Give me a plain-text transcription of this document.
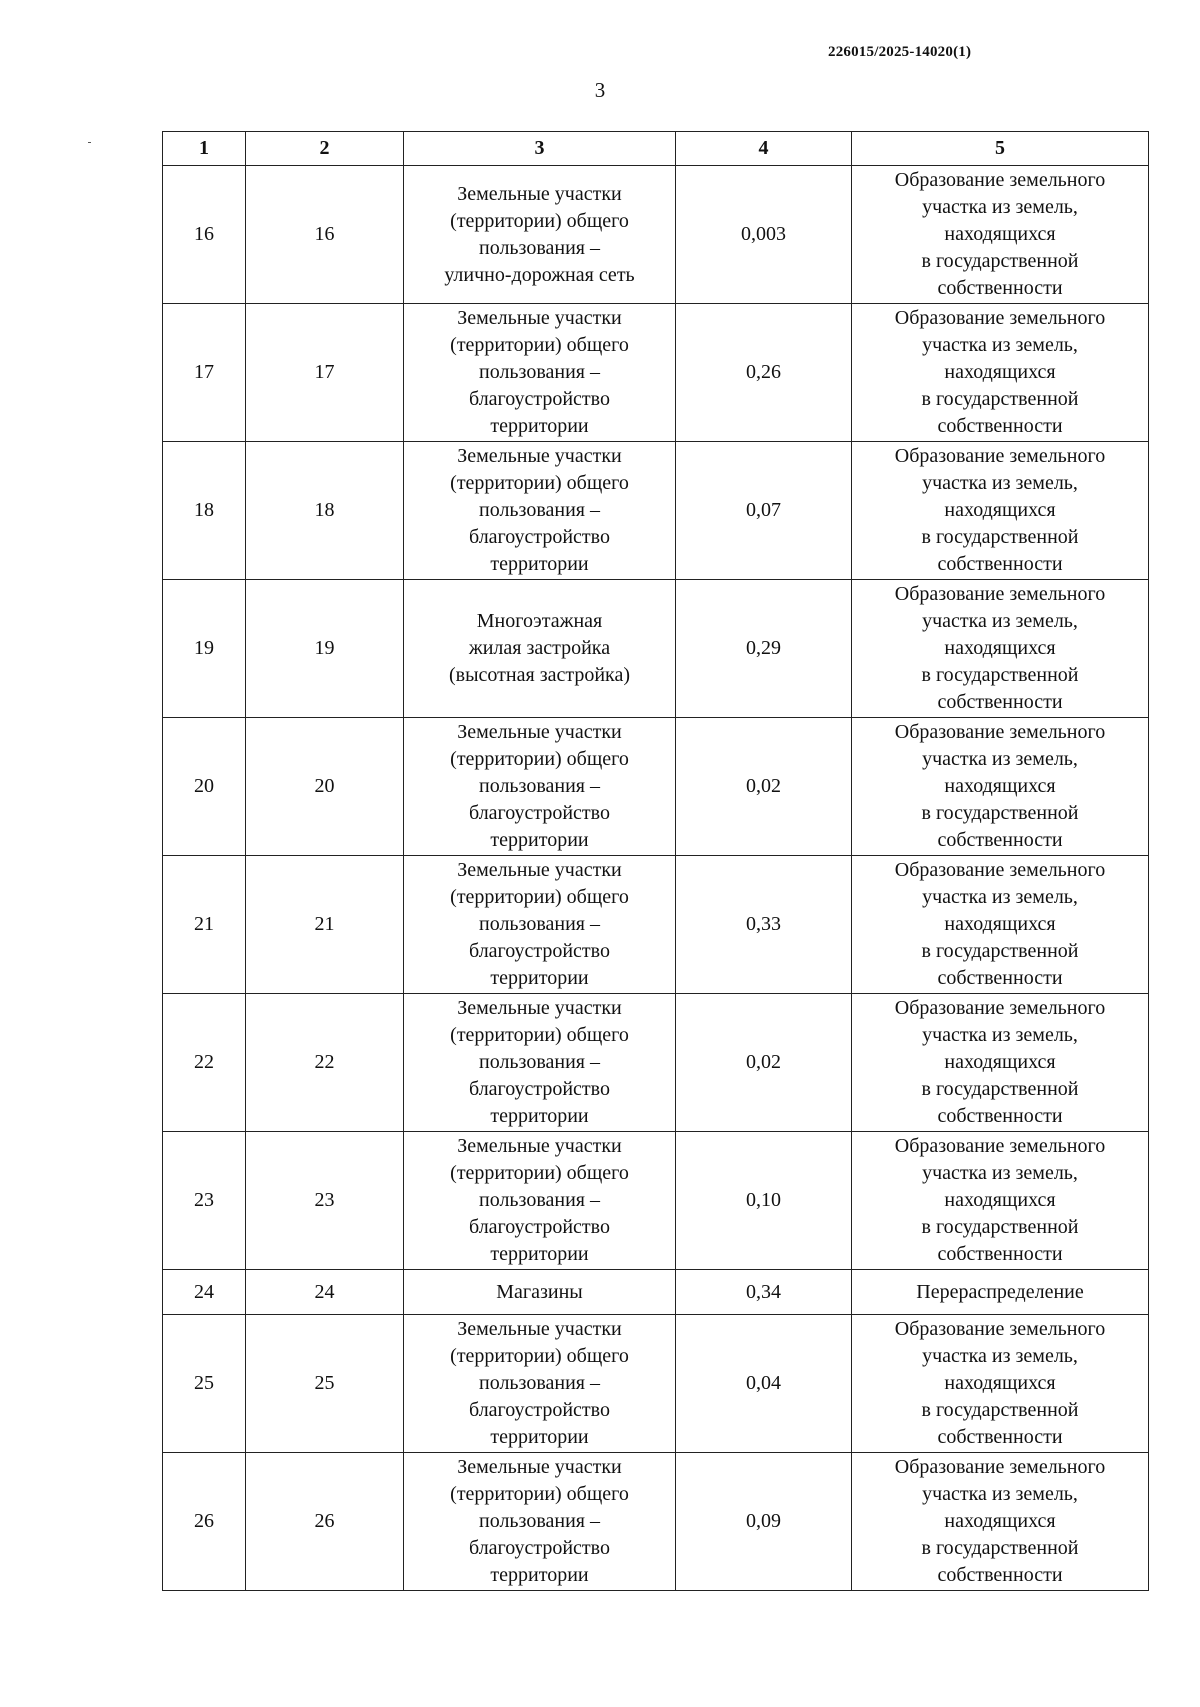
226015/2025-14020(1)
3
1	2	3	4	5
16	16	Земельные участки
(территории) общего
пользования –
улично-дорожная сеть	0,003	Образование земельного
участка из земель,
находящихся
в государственной
собственности

17	17	Земельные участки
(территории) общего
пользования –
благоустройство
территории	0,26	Образование земельного
участка из земель,
находящихся
в государственной
собственности

18	18	Земельные участки
(территории) общего
пользования –
благоустройство
территории	0,07	Образование земельного
участка из земель,
находящихся
в государственной
собственности

19	19	Многоэтажная
жилая застройка
(высотная застройка)	0,29	Образование земельного
участка из земель,
находящихся
в государственной
собственности

20	20	Земельные участки
(территории) общего
пользования –
благоустройство
территории	0,02	Образование земельного
участка из земель,
находящихся
в государственной
собственности

21	21	Земельные участки
(территории) общего
пользования –
благоустройство
территории	0,33	Образование земельного
участка из земель,
находящихся
в государственной
собственности

22	22	Земельные участки
(территории) общего
пользования –
благоустройство
территории	0,02	Образование земельного
участка из земель,
находящихся
в государственной
собственности

23	23	Земельные участки
(территории) общего
пользования –
благоустройство
территории	0,10	Образование земельного
участка из земель,
находящихся
в государственной
собственности

24	24	Магазины	0,34	Перераспределение

25	25	Земельные участки
(территории) общего
пользования –
благоустройство
территории	0,04	Образование земельного
участка из земель,
находящихся
в государственной
собственности

26	26	Земельные участки
(территории) общего
пользования –
благоустройство
территории	0,09	Образование земельного
участка из земель,
находящихся
в государственной
собственности
